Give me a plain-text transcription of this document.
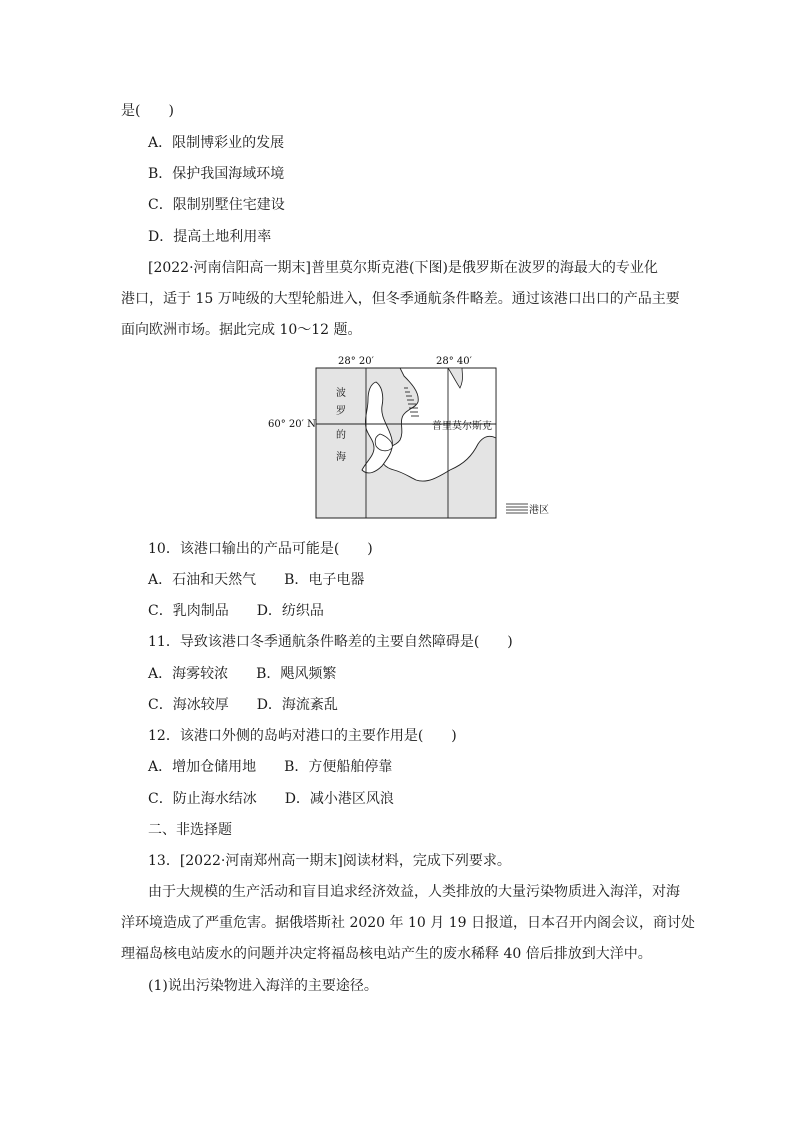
是(　　)
A．限制博彩业的发展
B．保护我国海域环境
C．限制别墅住宅建设
D．提高土地利用率
[2022·河南信阳高一期末]普里莫尔斯克港(下图)是俄罗斯在波罗的海最大的专业化
港口，适于 15 万吨级的大型轮船进入，但冬季通航条件略差。通过该港口出口的产品主要
面向欧洲市场。据此完成 10～12 题。
28° 20′	28° 40′
60° 20′ N
波
罗
的
海
普里莫尔斯克
港区
10．该港口输出的产品可能是(　　)
A．石油和天然气　　B．电子电器
C．乳肉制品　　D．纺织品
11．导致该港口冬季通航条件略差的主要自然障碍是(　　)
A．海雾较浓　　B．飓风频繁
C．海冰较厚　　D．海流紊乱
12．该港口外侧的岛屿对港口的主要作用是(　　)
A．增加仓储用地　　B．方便船舶停靠
C．防止海水结冰　　D．减小港区风浪
二、非选择题
13．[2022·河南郑州高一期末]阅读材料，完成下列要求。
由于大规模的生产活动和盲目追求经济效益，人类排放的大量污染物质进入海洋，对海
洋环境造成了严重危害。据俄塔斯社 2020 年 10 月 19 日报道，日本召开内阁会议，商讨处
理福岛核电站废水的问题并决定将福岛核电站产生的废水稀释 40 倍后排放到大洋中。
(1)说出污染物进入海洋的主要途径。
